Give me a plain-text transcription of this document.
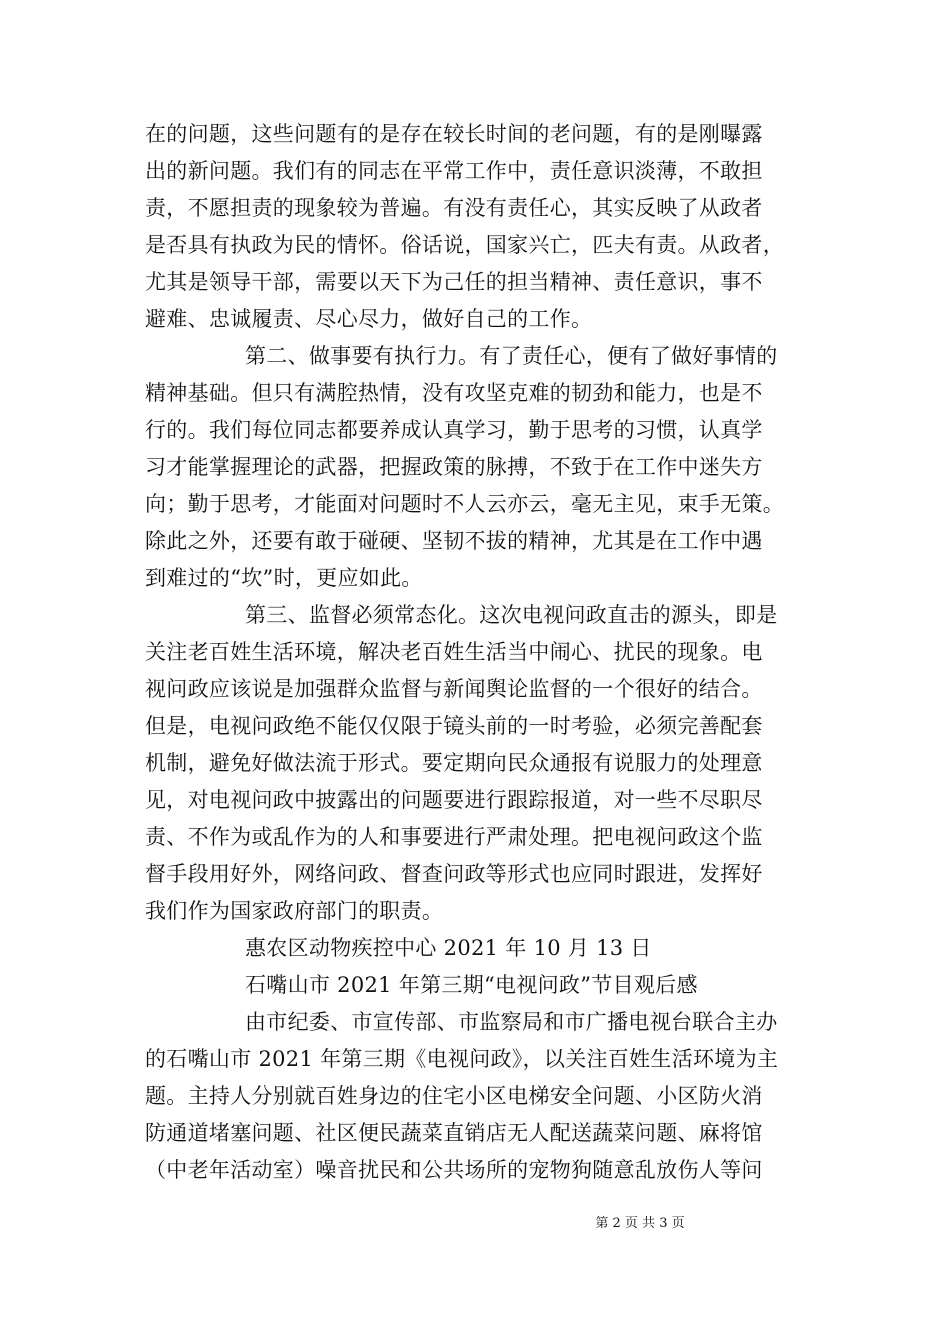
在的问题，这些问题有的是存在较长时间的老问题，有的是刚曝露
出的新问题。我们有的同志在平常工作中，责任意识淡薄，不敢担
责，不愿担责的现象较为普遍。有没有责任心，其实反映了从政者
是否具有执政为民的情怀。俗话说，国家兴亡，匹夫有责。从政者，
尤其是领导干部，需要以天下为己任的担当精神、责任意识，事不
避难、忠诚履责、尽心尽力，做好自己的工作。
第二、做事要有执行力。有了责任心，便有了做好事情的
精神基础。但只有满腔热情，没有攻坚克难的韧劲和能力，也是不
行的。我们每位同志都要养成认真学习，勤于思考的习惯，认真学
习才能掌握理论的武器，把握政策的脉搏，不致于在工作中迷失方
向；勤于思考，才能面对问题时不人云亦云，毫无主见，束手无策。
除此之外，还要有敢于碰硬、坚韧不拔的精神，尤其是在工作中遇
到难过的“坎”时，更应如此。
第三、监督必须常态化。这次电视问政直击的源头，即是
关注老百姓生活环境，解决老百姓生活当中闹心、扰民的现象。电
视问政应该说是加强群众监督与新闻舆论监督的一个很好的结合。
但是，电视问政绝不能仅仅限于镜头前的一时考验，必须完善配套
机制，避免好做法流于形式。要定期向民众通报有说服力的处理意
见，对电视问政中披露出的问题要进行跟踪报道，对一些不尽职尽
责、不作为或乱作为的人和事要进行严肃处理。把电视问政这个监
督手段用好外，网络问政、督查问政等形式也应同时跟进，发挥好
我们作为国家政府部门的职责。
惠农区动物疾控中心 2021 年 10 月 13 日
石嘴山市 2021 年第三期“电视问政”节目观后感
由市纪委、市宣传部、市监察局和市广播电视台联合主办
的石嘴山市 2021 年第三期《电视问政》，以关注百姓生活环境为主
题。主持人分别就百姓身边的住宅小区电梯安全问题、小区防火消
防通道堵塞问题、社区便民蔬菜直销店无人配送蔬菜问题、麻将馆
（中老年活动室）噪音扰民和公共场所的宠物狗随意乱放伤人等问
第 2 页 共 3 页
